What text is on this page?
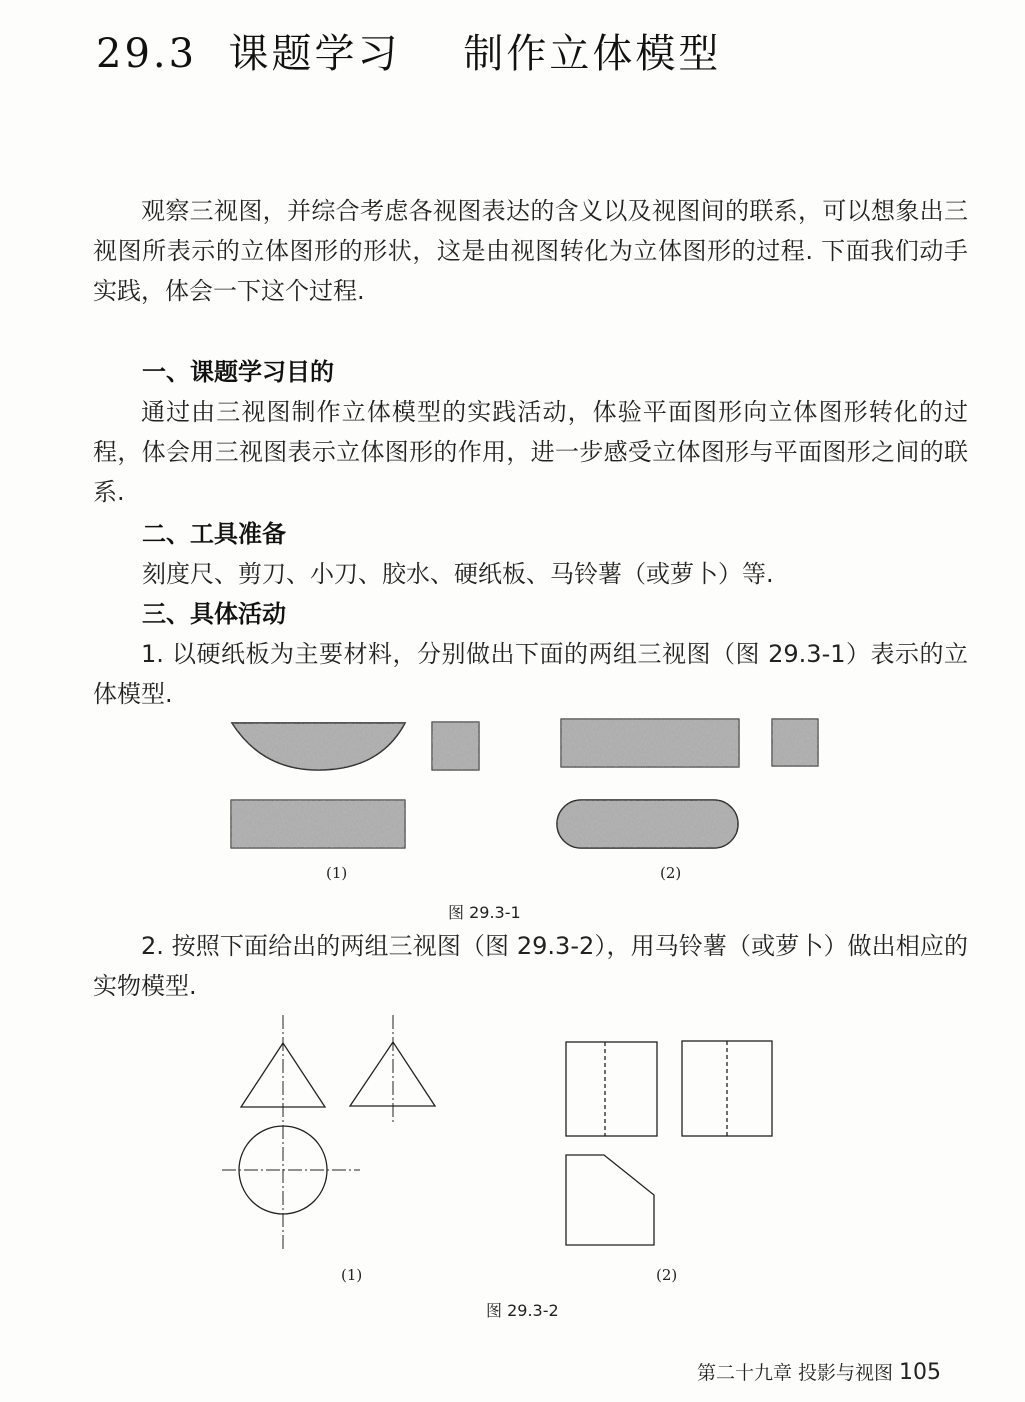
29.3  课题学习    制作立体模型
观察三视图，并综合考虑各视图表达的含义以及视图间的联系，可以想象出三视图所表示的立体图形的形状，这是由视图转化为立体图形的过程. 下面我们动手实践，体会一下这个过程.
一、课题学习目的
通过由三视图制作立体模型的实践活动，体验平面图形向立体图形转化的过程，体会用三视图表示立体图形的作用，进一步感受立体图形与平面图形之间的联系.
二、工具准备
刻度尺、剪刀、小刀、胶水、硬纸板、马铃薯（或萝卜）等.
三、具体活动
1. 以硬纸板为主要材料，分别做出下面的两组三视图（图 29.3-1）表示的立体模型.
(1)	(2)
图 29.3-1
2. 按照下面给出的两组三视图（图 29.3-2），用马铃薯（或萝卜）做出相应的实物模型.
(1)	(2)
图 29.3-2
第二十九章 投影与视图 105
